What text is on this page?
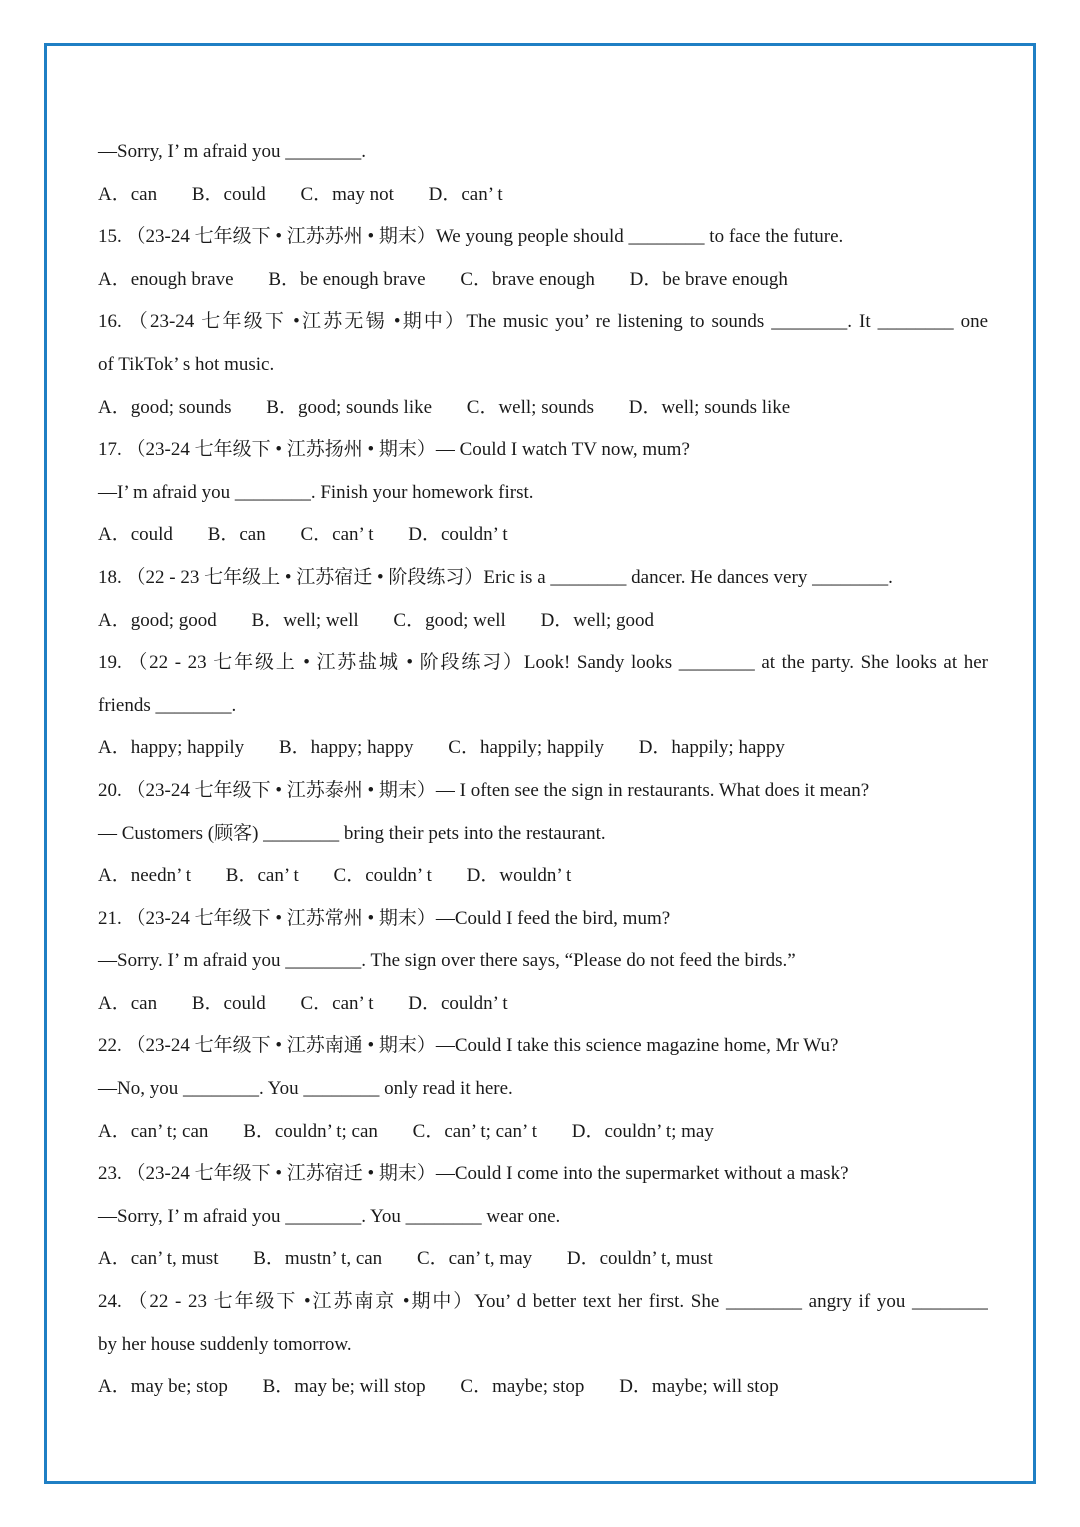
—Sorry, I’ m afraid you ________.
A．can B．could C．may not D．can’ t
15. （23-24 七年级下 • 江苏苏州 • 期末）We young people should ________ to face the future.
A．enough brave B．be enough brave C．brave enough D．be brave enough
16. （23-24 七年级下 •江苏无锡 •期中）The music you’ re listening to sounds ________. It ________ one
of TikTok’ s hot music.
A．good; sounds B．good; sounds like C．well; sounds D．well; sounds like
17. （23-24 七年级下 • 江苏扬州 • 期末）— Could I watch TV now, mum?
—I’ m afraid you ________. Finish your homework first.
A．could B．can C．can’ t D．couldn’ t
18. （22 - 23 七年级上 • 江苏宿迁 • 阶段练习）Eric is a ________ dancer. He dances very ________.
A．good; good B．well; well C．good; well D．well; good
19. （22 - 23 七年级上 • 江苏盐城 • 阶段练习）Look! Sandy looks ________ at the party. She looks at her
friends ________.
A．happy; happily B．happy; happy C．happily; happily D．happily; happy
20. （23-24 七年级下 • 江苏泰州 • 期末）— I often see the sign in restaurants. What does it mean?
— Customers (顾客) ________ bring their pets into the restaurant.
A．needn’ t B．can’ t C．couldn’ t D．wouldn’ t
21. （23-24 七年级下 • 江苏常州 • 期末）—Could I feed the bird, mum?
—Sorry. I’ m afraid you ________. The sign over there says, “Please do not feed the birds.”
A．can B．could C．can’ t D．couldn’ t
22. （23-24 七年级下 • 江苏南通 • 期末）—Could I take this science magazine home, Mr Wu?
—No, you ________. You ________ only read it here.
A．can’ t; can B．couldn’ t; can C．can’ t; can’ t D．couldn’ t; may
23. （23-24 七年级下 • 江苏宿迁 • 期末）—Could I come into the supermarket without a mask?
—Sorry, I’ m afraid you ________. You ________ wear one.
A．can’ t, must B．mustn’ t, can C．can’ t, may D．couldn’ t, must
24. （22 - 23 七年级下 •江苏南京 •期中）You’ d better text her first. She ________ angry if you ________
by her house suddenly tomorrow.
A．may be; stop B．may be; will stop C．maybe; stop D．maybe; will stop
